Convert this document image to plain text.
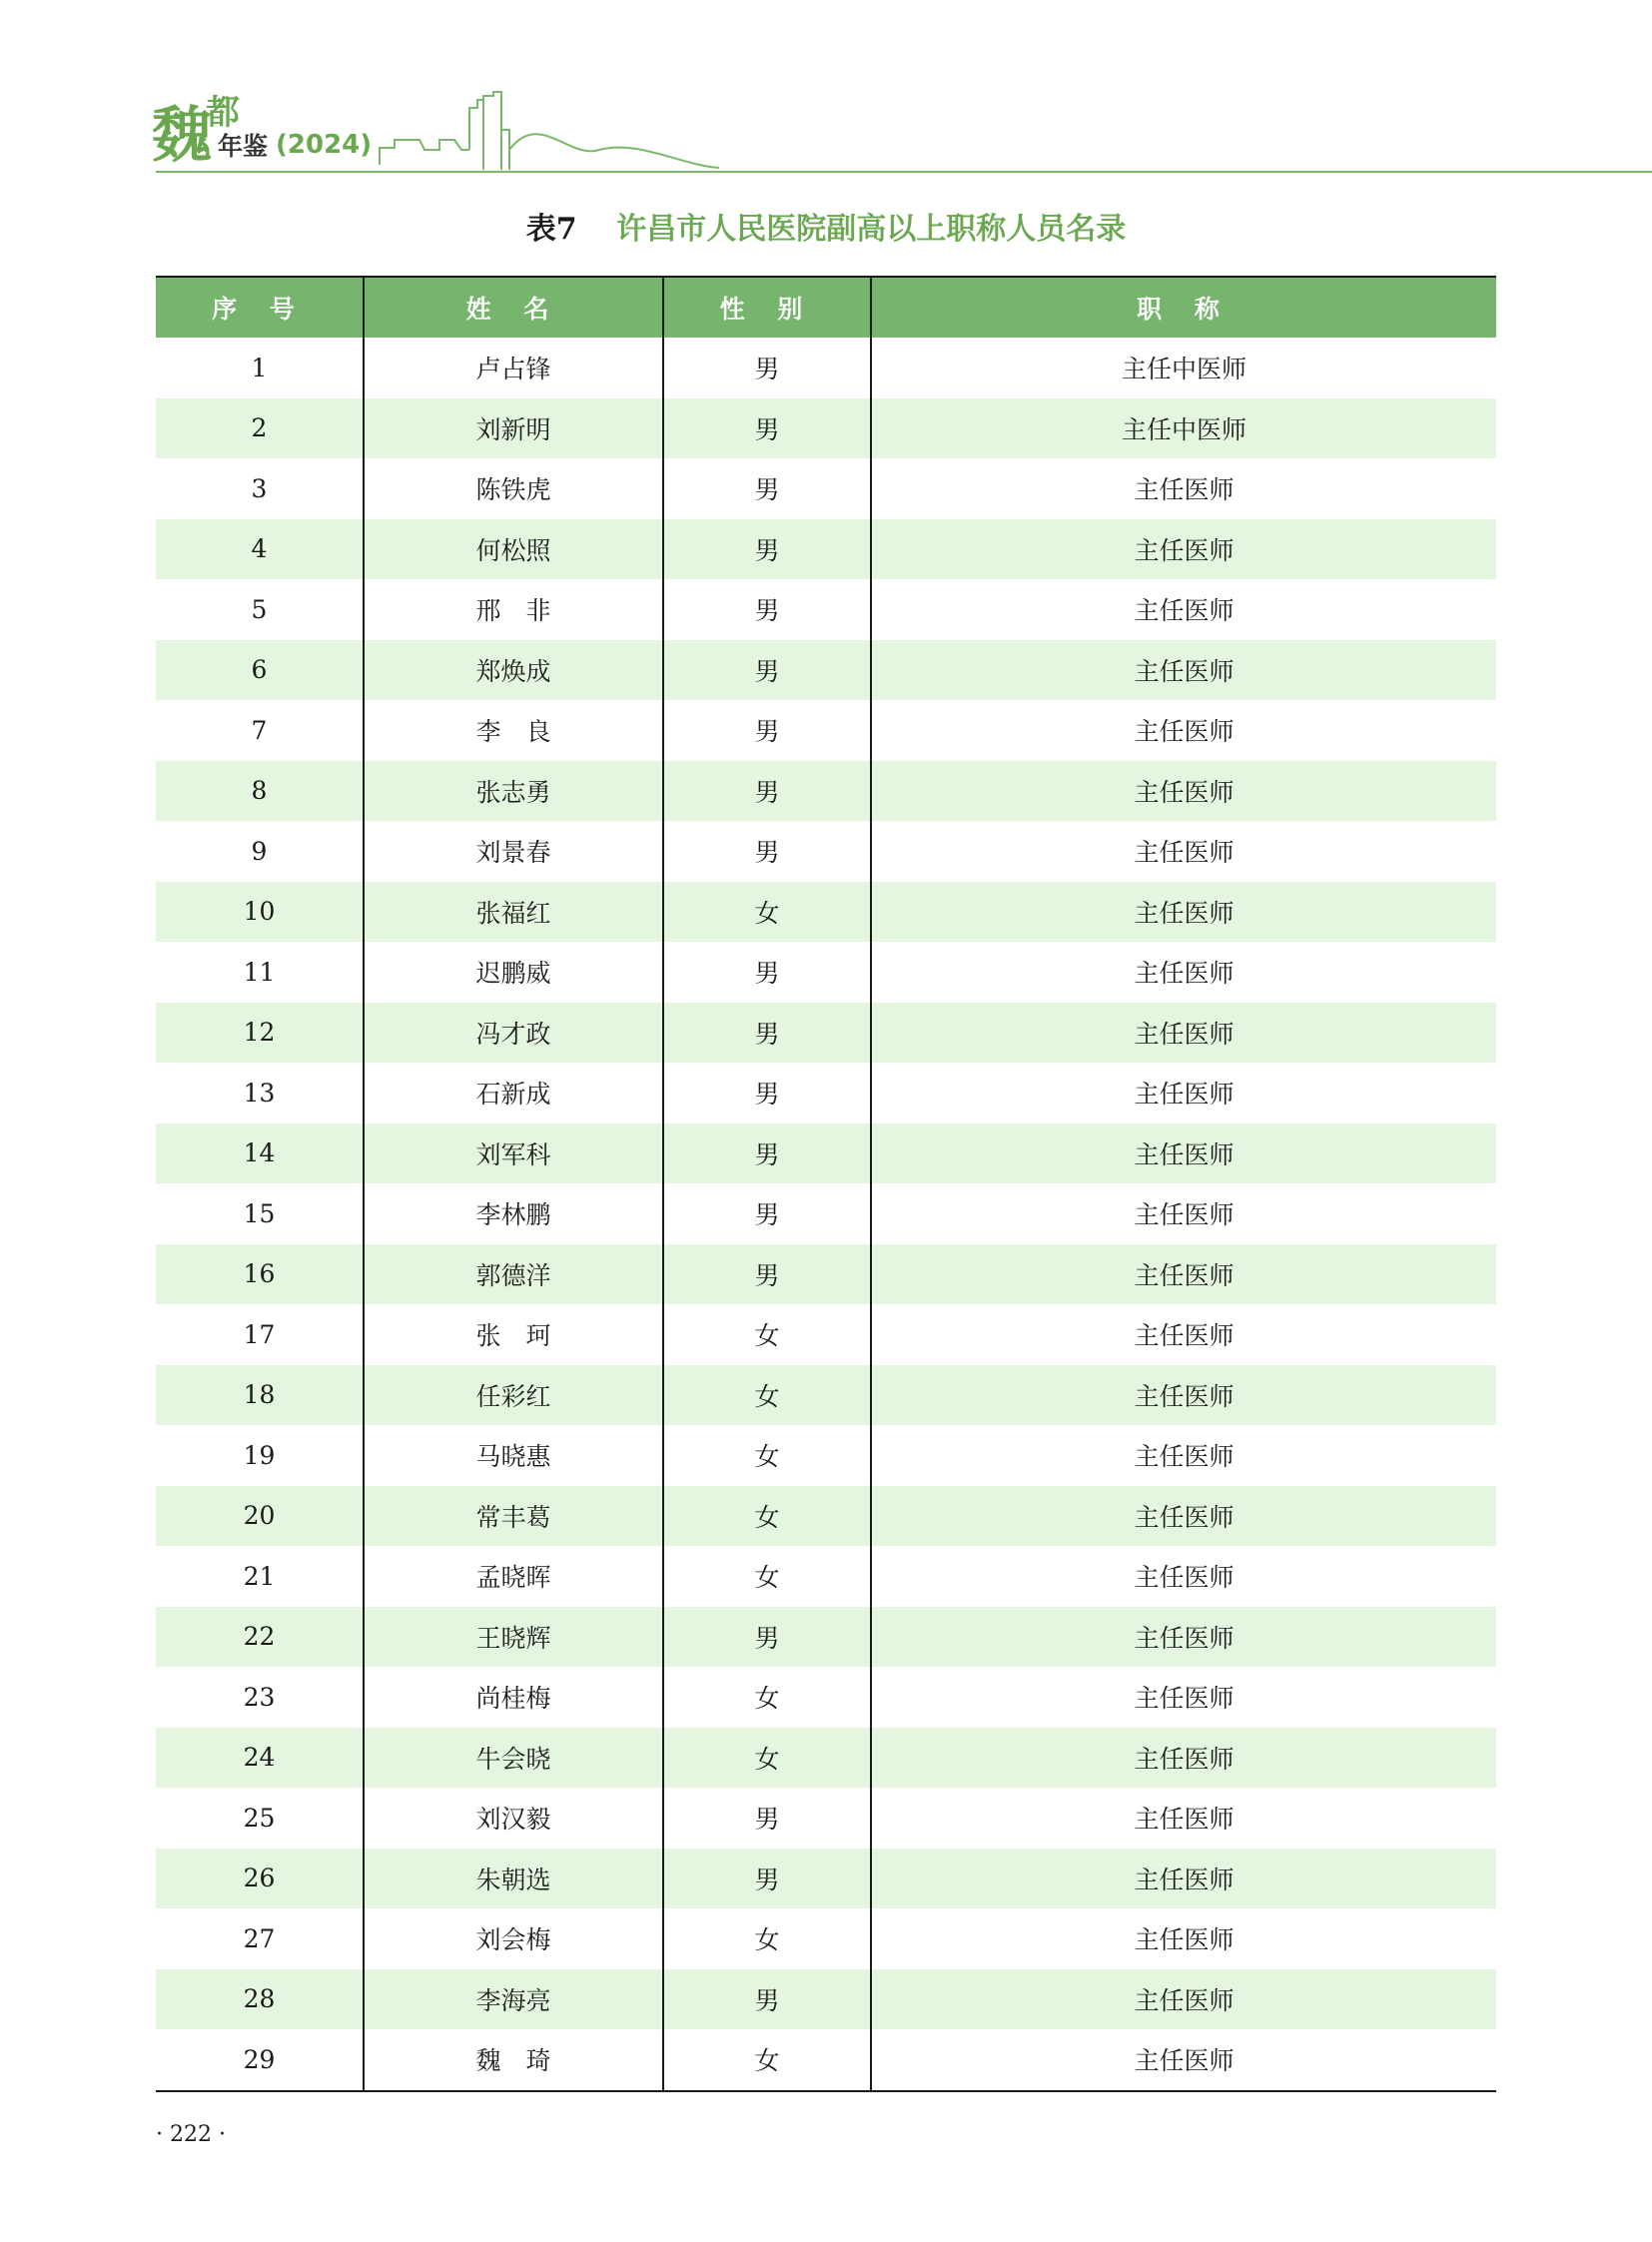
魏
都
年鉴 (2024)
表7 许昌市人民医院副高以上职称人员名录
序 号	姓 名	性 别	职 称
1	卢占锋	男	主任中医师
2	刘新明	男	主任中医师
3	陈铁虎	男	主任医师
4	何松照	男	主任医师
5	邢　非	男	主任医师
6	郑焕成	男	主任医师
7	李　良	男	主任医师
8	张志勇	男	主任医师
9	刘景春	男	主任医师
10	张福红	女	主任医师
11	迟鹏威	男	主任医师
12	冯才政	男	主任医师
13	石新成	男	主任医师
14	刘军科	男	主任医师
15	李林鹏	男	主任医师
16	郭德洋	男	主任医师
17	张　珂	女	主任医师
18	任彩红	女	主任医师
19	马晓惠	女	主任医师
20	常丰葛	女	主任医师
21	孟晓晖	女	主任医师
22	王晓辉	男	主任医师
23	尚桂梅	女	主任医师
24	牛会晓	女	主任医师
25	刘汉毅	男	主任医师
26	朱朝选	男	主任医师
27	刘会梅	女	主任医师
28	李海亮	男	主任医师
29	魏　琦	女	主任医师
· 222 ·
